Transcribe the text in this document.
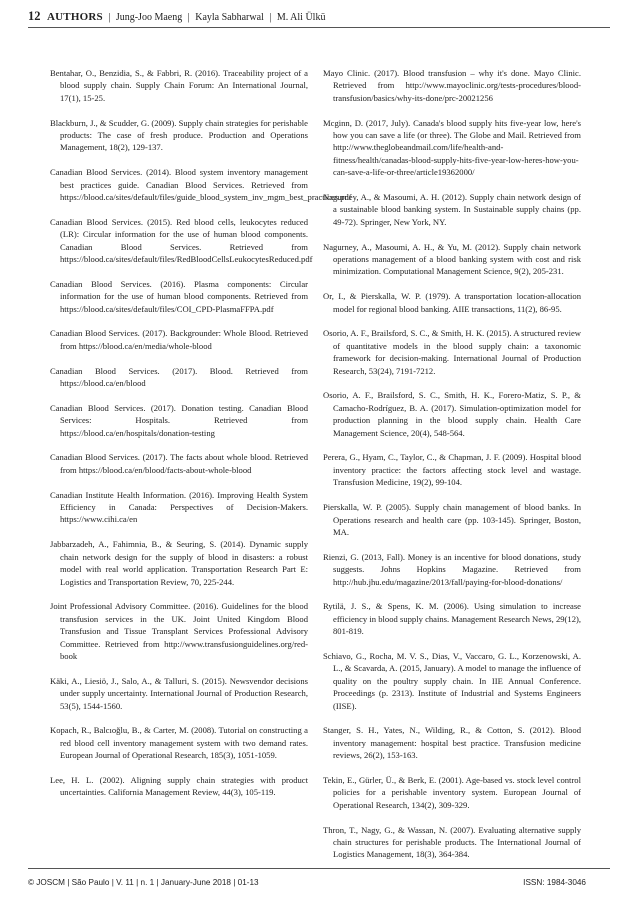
12 AUTHORS | Jung-Joo Maeng | Kayla Sabharwal | M. Ali Ülkü

Bentahar, O., Benzidia, S., & Fabbri, R. (2016). Traceability project of a blood supply chain. Supply Chain Forum: An International Journal, 17(1), 15-25.

Blackburn, J., & Scudder, G. (2009). Supply chain strategies for perishable products: The case of fresh produce. Production and Operations Management, 18(2), 129-137.

Canadian Blood Services. (2014). Blood system inventory management best practices guide. Canadian Blood Services. Retrieved from https://blood.ca/sites/default/files/guide_blood_system_inv_mgm_best_practices.pdf

Canadian Blood Services. (2015). Red blood cells, leukocytes reduced (LR): Circular information for the use of human blood components. Canadian Blood Services. Retrieved from https://blood.ca/sites/default/files/RedBloodCellsLeukocytesReduced.pdf

Canadian Blood Services. (2016). Plasma components: Circular information for the use of human blood components. Retrieved from https://blood.ca/sites/default/files/COI_CPD-PlasmaFFPA.pdf

Canadian Blood Services. (2017). Backgrounder: Whole Blood. Retrieved from https://blood.ca/en/media/whole-blood

Canadian Blood Services. (2017). Blood. Retrieved from https://blood.ca/en/blood

Canadian Blood Services. (2017). Donation testing. Canadian Blood Services: Hospitals. Retrieved from https://blood.ca/en/hospitals/donation-testing

Canadian Blood Services. (2017). The facts about whole blood. Retrieved from https://blood.ca/en/blood/facts-about-whole-blood

Canadian Institute Health Information. (2016). Improving Health System Efficiency in Canada: Perspectives of Decision-Makers. https://www.cihi.ca/en

Jabbarzadeh, A., Fahimnia, B., & Seuring, S. (2014). Dynamic supply chain network design for the supply of blood in disasters: a robust model with real world application. Transportation Research Part E: Logistics and Transportation Review, 70, 225-244.

Joint Professional Advisory Committee. (2016). Guidelines for the blood transfusion services in the UK. Joint United Kingdom Blood Transfusion and Tissue Transplant Services Professional Advisory Committee. Retrieved from http://www.transfusionguidelines.org/red-book

Käki, A., Liesiö, J., Salo, A., & Talluri, S. (2015). Newsvendor decisions under supply uncertainty. International Journal of Production Research, 53(5), 1544-1560.

Kopach, R., Balcıoğlu, B., & Carter, M. (2008). Tutorial on constructing a red blood cell inventory management system with two demand rates. European Journal of Operational Research, 185(3), 1051-1059.

Lee, H. L. (2002). Aligning supply chain strategies with product uncertainties. California Management Review, 44(3), 105-119.

Mayo Clinic. (2017). Blood transfusion – why it's done. Mayo Clinic. Retrieved from http://www.mayoclinic.org/tests-procedures/blood-transfusion/basics/why-its-done/prc-20021256

Mcginn, D. (2017, July). Canada's blood supply hits five-year low, here's how you can save a life (or three). The Globe and Mail. Retrieved from http://www.theglobeandmail.com/life/health-and-fitness/health/canadas-blood-supply-hits-five-year-low-heres-how-you-can-save-a-life-or-three/article19362000/

Nagurney, A., & Masoumi, A. H. (2012). Supply chain network design of a sustainable blood banking system. In Sustainable supply chains (pp. 49-72). Springer, New York, NY.

Nagurney, A., Masoumi, A. H., & Yu, M. (2012). Supply chain network operations management of a blood banking system with cost and risk minimization. Computational Management Science, 9(2), 205-231.

Or, I., & Pierskalla, W. P. (1979). A transportation location-allocation model for regional blood banking. AIIE transactions, 11(2), 86-95.

Osorio, A. F., Brailsford, S. C., & Smith, H. K. (2015). A structured review of quantitative models in the blood supply chain: a taxonomic framework for decision-making. International Journal of Production Research, 53(24), 7191-7212.

Osorio, A. F., Brailsford, S. C., Smith, H. K., Forero-Matiz, S. P., & Camacho-Rodríguez, B. A. (2017). Simulation-optimization model for production planning in the blood supply chain. Health Care Management Science, 20(4), 548-564.

Perera, G., Hyam, C., Taylor, C., & Chapman, J. F. (2009). Hospital blood inventory practice: the factors affecting stock level and wastage. Transfusion Medicine, 19(2), 99-104.

Pierskalla, W. P. (2005). Supply chain management of blood banks. In Operations research and health care (pp. 103-145). Springer, Boston, MA.

Rienzi, G. (2013, Fall). Money is an incentive for blood donations, study suggests. Johns Hopkins Magazine. Retrieved from http://hub.jhu.edu/magazine/2013/fall/paying-for-blood-donations/

Rytilä, J. S., & Spens, K. M. (2006). Using simulation to increase efficiency in blood supply chains. Management Research News, 29(12), 801-819.

Schiavo, G., Rocha, M. V. S., Dias, V., Vaccaro, G. L., Korzenowski, A. L., & Scavarda, A. (2015, January). A model to manage the influence of quality on the poultry supply chain. In IIE Annual Conference. Proceedings (p. 2313). Institute of Industrial and Systems Engineers (IISE).

Stanger, S. H., Yates, N., Wilding, R., & Cotton, S. (2012). Blood inventory management: hospital best practice. Transfusion medicine reviews, 26(2), 153-163.

Tekin, E., Gürler, Ü., & Berk, E. (2001). Age-based vs. stock level control policies for a perishable inventory system. European Journal of Operational Research, 134(2), 309-329.

Thron, T., Nagy, G., & Wassan, N. (2007). Evaluating alternative supply chain structures for perishable products. The International Journal of Logistics Management, 18(3), 364-384.

© JOSCM | São Paulo | V. 11 | n. 1 | January-June 2018 | 01-13	ISSN: 1984-3046
